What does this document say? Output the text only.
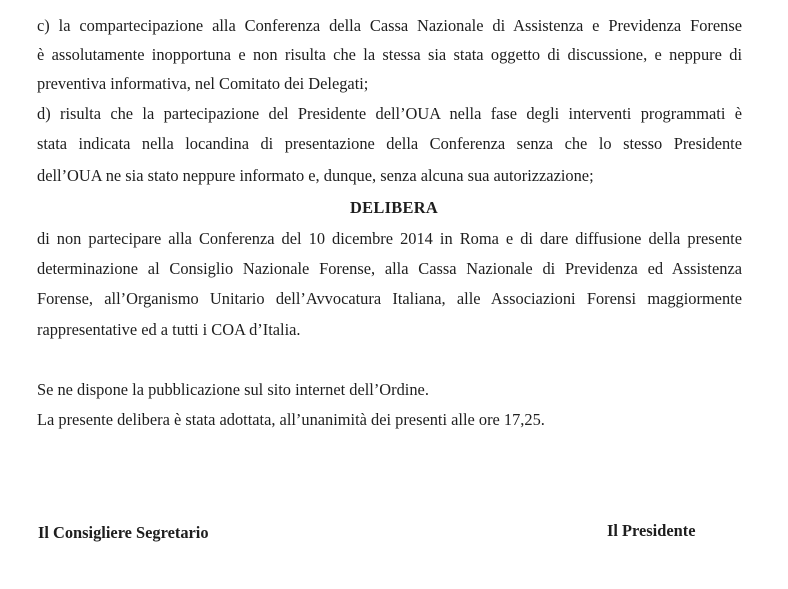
c) la compartecipazione alla Conferenza della Cassa Nazionale di Assistenza e Previdenza Forense
è assolutamente inopportuna e non risulta che la stessa sia stata oggetto di discussione, e neppure di
preventiva informativa, nel Comitato dei Delegati;
d) risulta che la partecipazione del Presidente dell’OUA nella fase degli interventi programmati è
stata indicata nella locandina di presentazione della Conferenza senza che lo stesso Presidente
dell’OUA ne sia stato neppure informato e, dunque, senza alcuna sua autorizzazione;
DELIBERA
di non partecipare alla Conferenza del 10 dicembre 2014 in Roma e di dare diffusione della presente
determinazione al Consiglio Nazionale Forense, alla Cassa Nazionale di Previdenza ed Assistenza
Forense, all’Organismo Unitario dell’Avvocatura Italiana, alle Associazioni Forensi maggiormente
rappresentative ed a tutti i COA d’Italia.
Se ne dispone la pubblicazione sul sito internet dell’Ordine.
La presente delibera è stata adottata, all’unanimità dei presenti alle ore 17,25.
Il Consigliere Segretario	Il Presidente
